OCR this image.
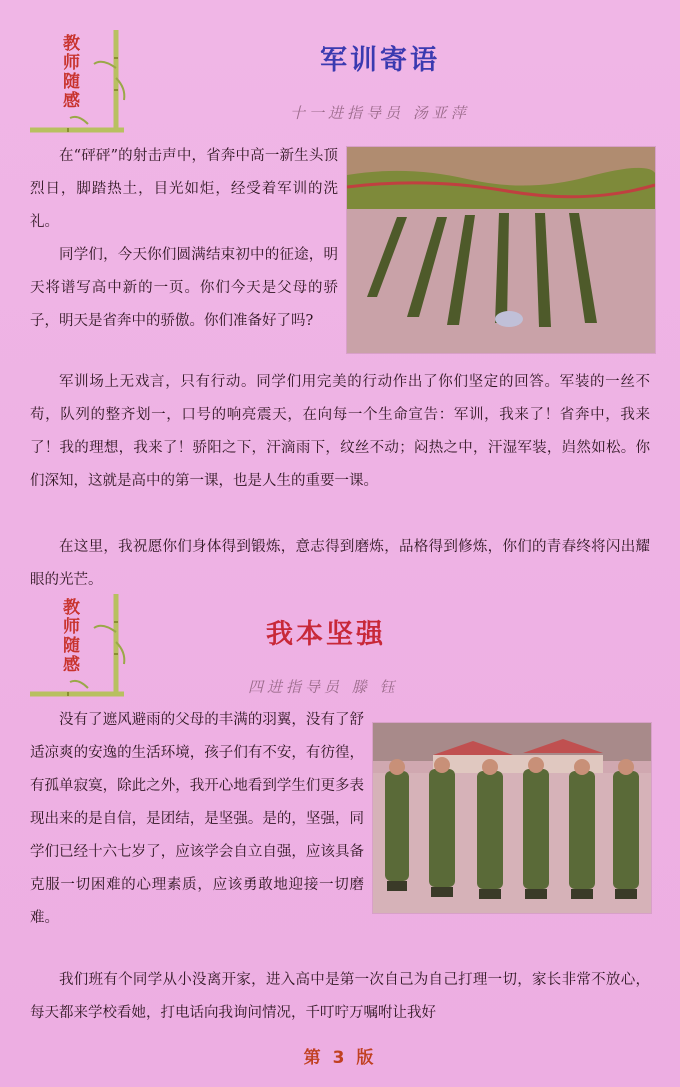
教师随感	军训寄语
十一进指导员 汤亚萍

在“砰砰”的射击声中，省奔中高一新生头顶烈日，脚踏热土，目光如炬，经受着军训的洗礼。

同学们，今天你们圆满结束初中的征途，明天将谱写高中新的一页。你们今天是父母的骄子，明天是省奔中的骄傲。你们准备好了吗?

军训场上无戏言，只有行动。同学们用完美的行动作出了你们坚定的回答。军装的一丝不苟，队列的整齐划一，口号的响亮震天，在向每一个生命宣告：军训，我来了！省奔中，我来了！我的理想，我来了！骄阳之下，汗滴雨下，纹丝不动；闷热之中，汗湿军装，岿然如松。你们深知，这就是高中的第一课，也是人生的重要一课。

在这里，我祝愿你们身体得到锻炼，意志得到磨炼，品格得到修炼，你们的青春终将闪出耀眼的光芒。

教师随感	我本坚强
四进指导员 滕 钰

没有了遮风避雨的父母的丰满的羽翼，没有了舒适凉爽的安逸的生活环境，孩子们有不安，有彷徨，有孤单寂寞，除此之外，我开心地看到学生们更多表现出来的是自信，是团结，是坚强。是的，坚强，同学们已经十六七岁了，应该学会自立自强，应该具备克服一切困难的心理素质，应该勇敢地迎接一切磨难。

我们班有个同学从小没离开家，进入高中是第一次自己为自己打理一切，家长非常不放心，每天都来学校看她，打电话向我询问情况，千叮咛万嘱咐让我好

第 3 版
